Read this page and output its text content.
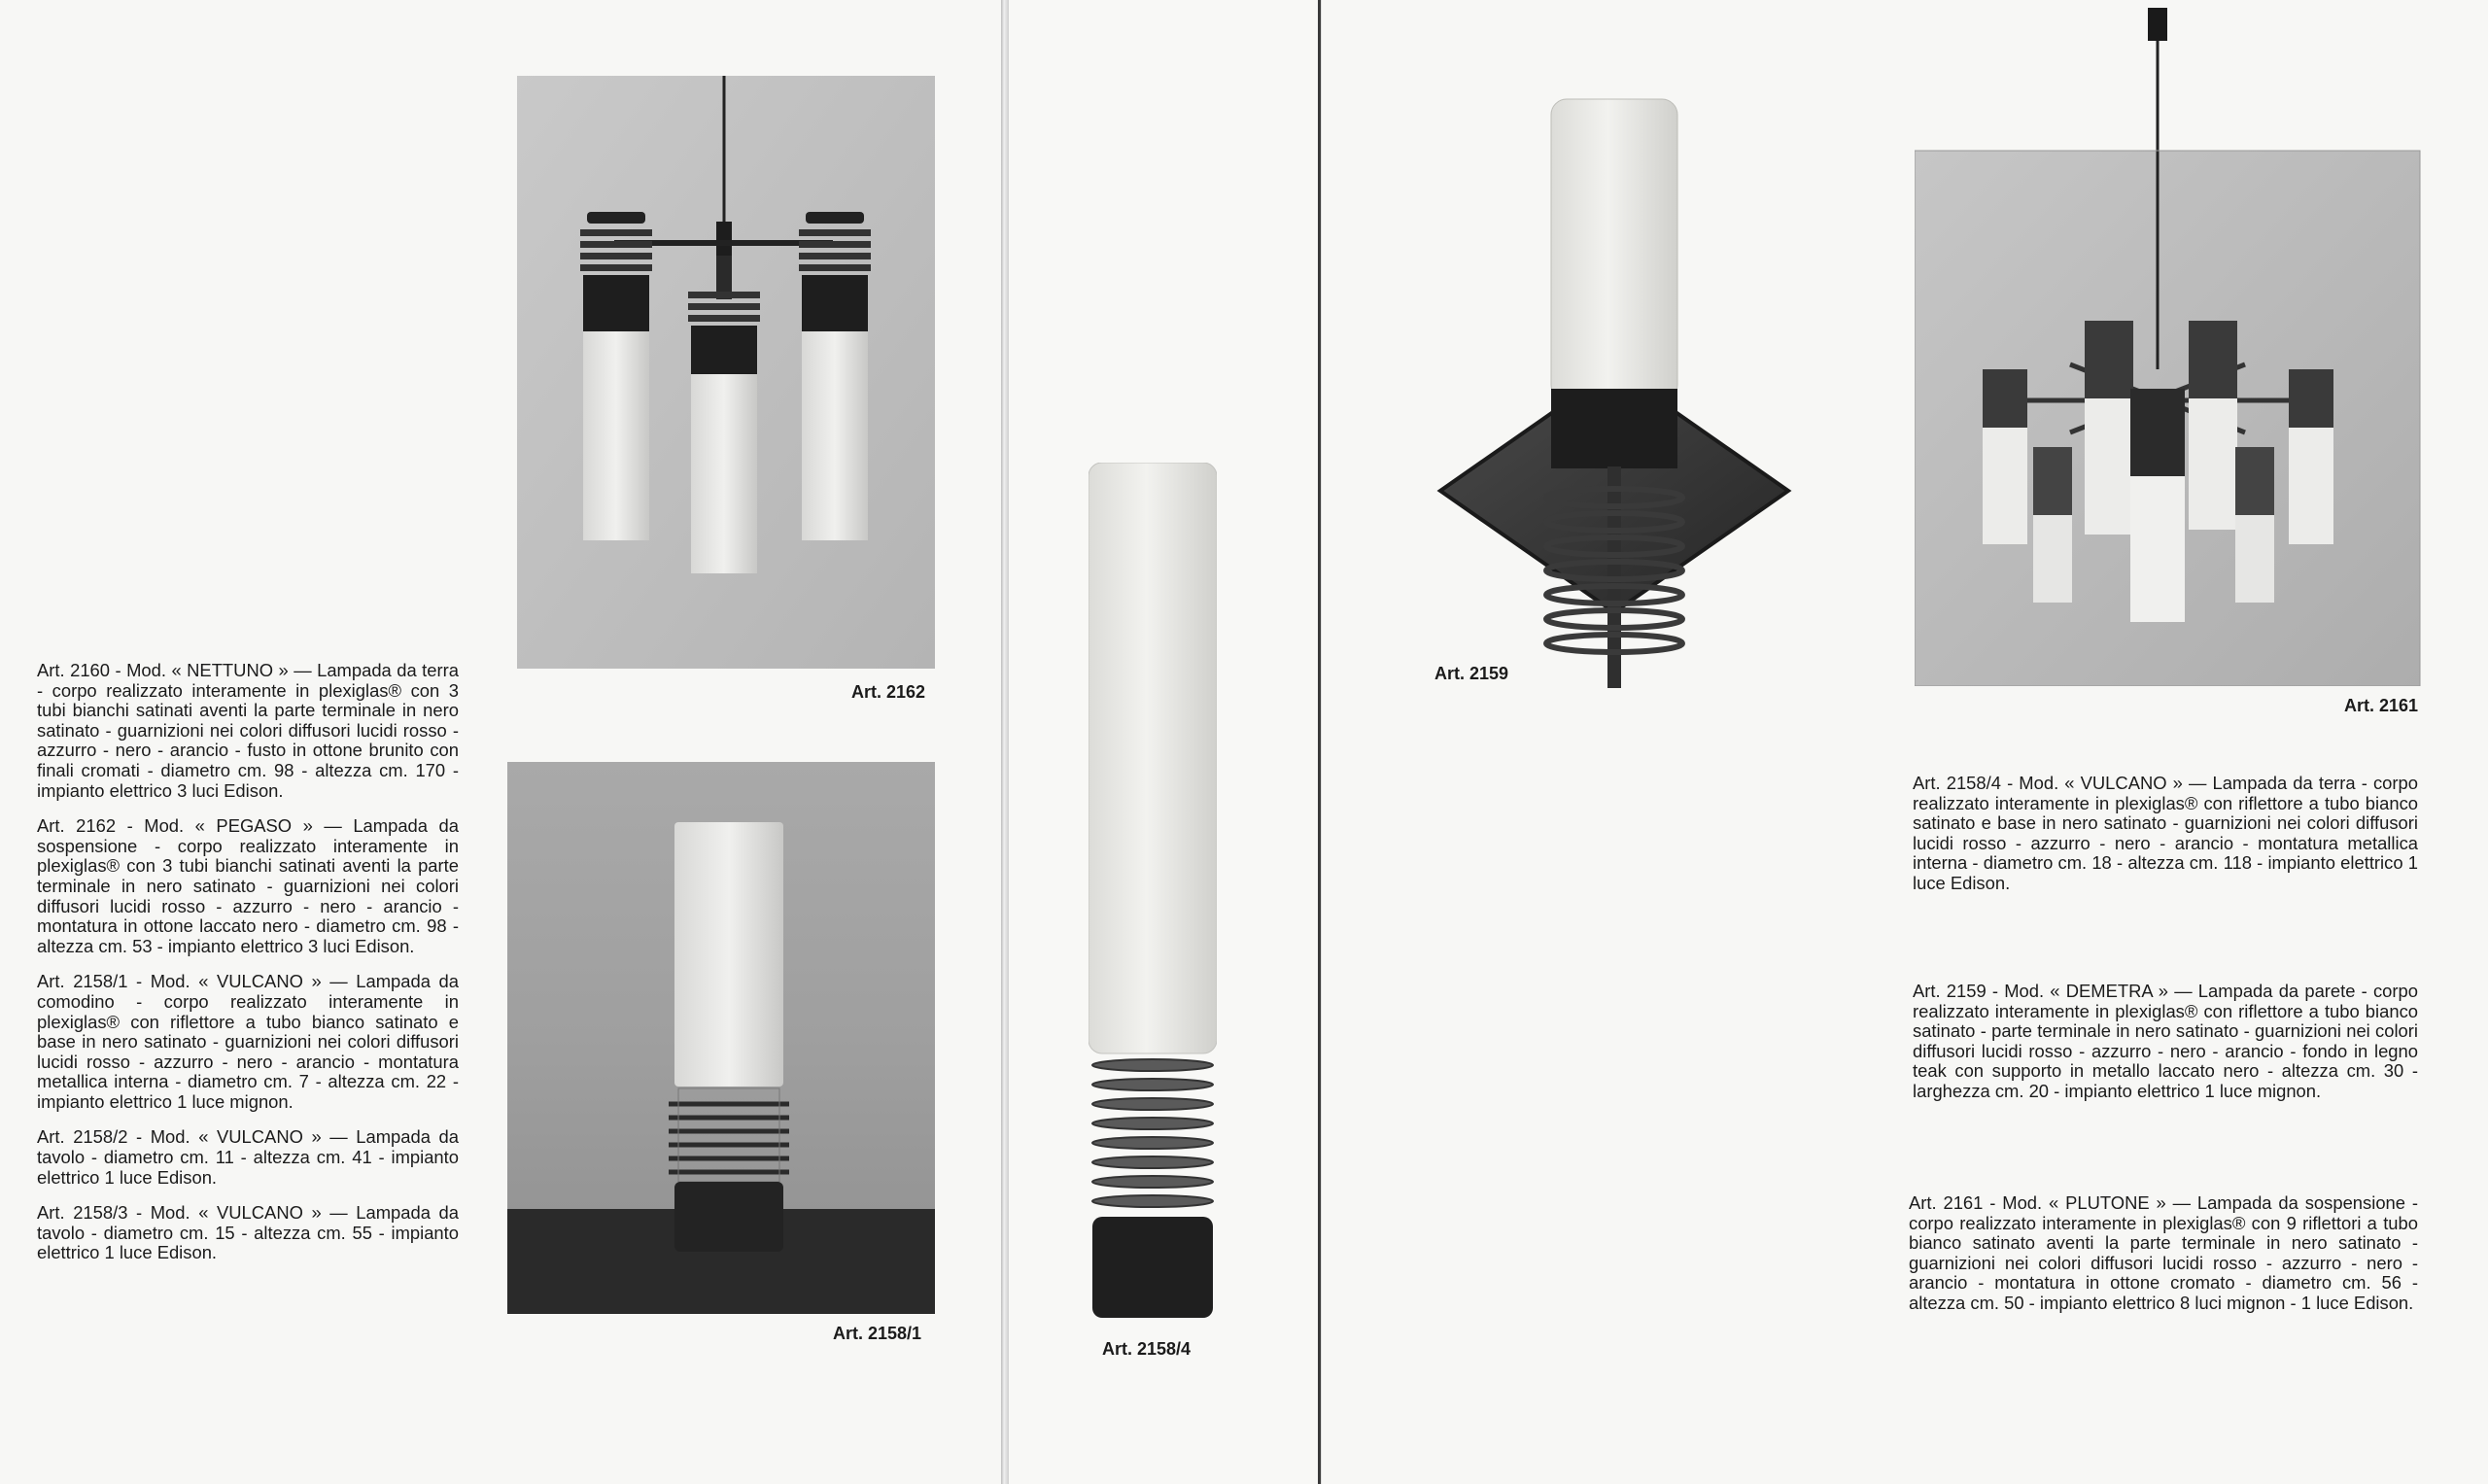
Art. 2162
Art. 2158/1

Art. 2160 - Mod. « NETTUNO » — Lampada da terra - corpo realizzato interamente in plexiglas® con 3 tubi bianchi satinati aventi la parte terminale in nero satinato - guarnizioni nei colori diffusori lucidi rosso - azzurro - nero - arancio - fusto in ottone brunito con finali cromati - diametro cm. 98 - altezza cm. 170 - impianto elettrico 3 luci Edison.

Art. 2162 - Mod. « PEGASO » — Lampada da sospensione - corpo realizzato interamente in plexiglas® con 3 tubi bianchi satinati aventi la parte terminale in nero satinato - guarnizioni nei colori diffusori lucidi rosso - azzurro - nero - arancio - montatura in ottone laccato nero - diametro cm. 98 - altezza cm. 53 - impianto elettrico 3 luci Edison.

Art. 2158/1 - Mod. « VULCANO » — Lampada da comodino - corpo realizzato interamente in plexiglas® con riflettore a tubo bianco satinato e base in nero satinato - guarnizioni nei colori diffusori lucidi rosso - azzurro - nero - arancio - montatura metallica interna - diametro cm. 7 - altezza cm. 22 - impianto elettrico 1 luce mignon.

Art. 2158/2 - Mod. « VULCANO » — Lampada da tavolo - diametro cm. 11 - altezza cm. 41 - impianto elettrico 1 luce Edison.

Art. 2158/3 - Mod. « VULCANO » — Lampada da tavolo - diametro cm. 15 - altezza cm. 55 - impianto elettrico 1 luce Edison.

Art. 2158/4
Art. 2159
Art. 2161
Art. 2158/4 - Mod. « VULCANO » — Lampada da terra - corpo realizzato interamente in plexiglas® con riflettore a tubo bianco satinato e base in nero satinato - guarnizioni nei colori diffusori lucidi rosso - azzurro - nero - arancio - montatura metallica interna - diametro cm. 18 - altezza cm. 118 - impianto elettrico 1 luce Edison.
Art. 2159 - Mod. « DEMETRA » — Lampada da parete - corpo realizzato interamente in plexiglas® con riflettore a tubo bianco satinato - parte terminale in nero satinato - guarnizioni nei colori diffusori lucidi rosso - azzurro - nero - arancio - fondo in legno teak con supporto in metallo laccato nero - altezza cm. 30 - larghezza cm. 20 - impianto elettrico 1 luce mignon.
Art. 2161 - Mod. « PLUTONE » — Lampada da sospensione - corpo realizzato interamente in plexiglas® con 9 riflettori a tubo bianco satinato aventi la parte terminale in nero satinato - guarnizioni nei colori diffusori lucidi rosso - azzurro - nero - arancio - montatura in ottone cromato - diametro cm. 56 - altezza cm. 50 - impianto elettrico 8 luci mignon - 1 luce Edison.
